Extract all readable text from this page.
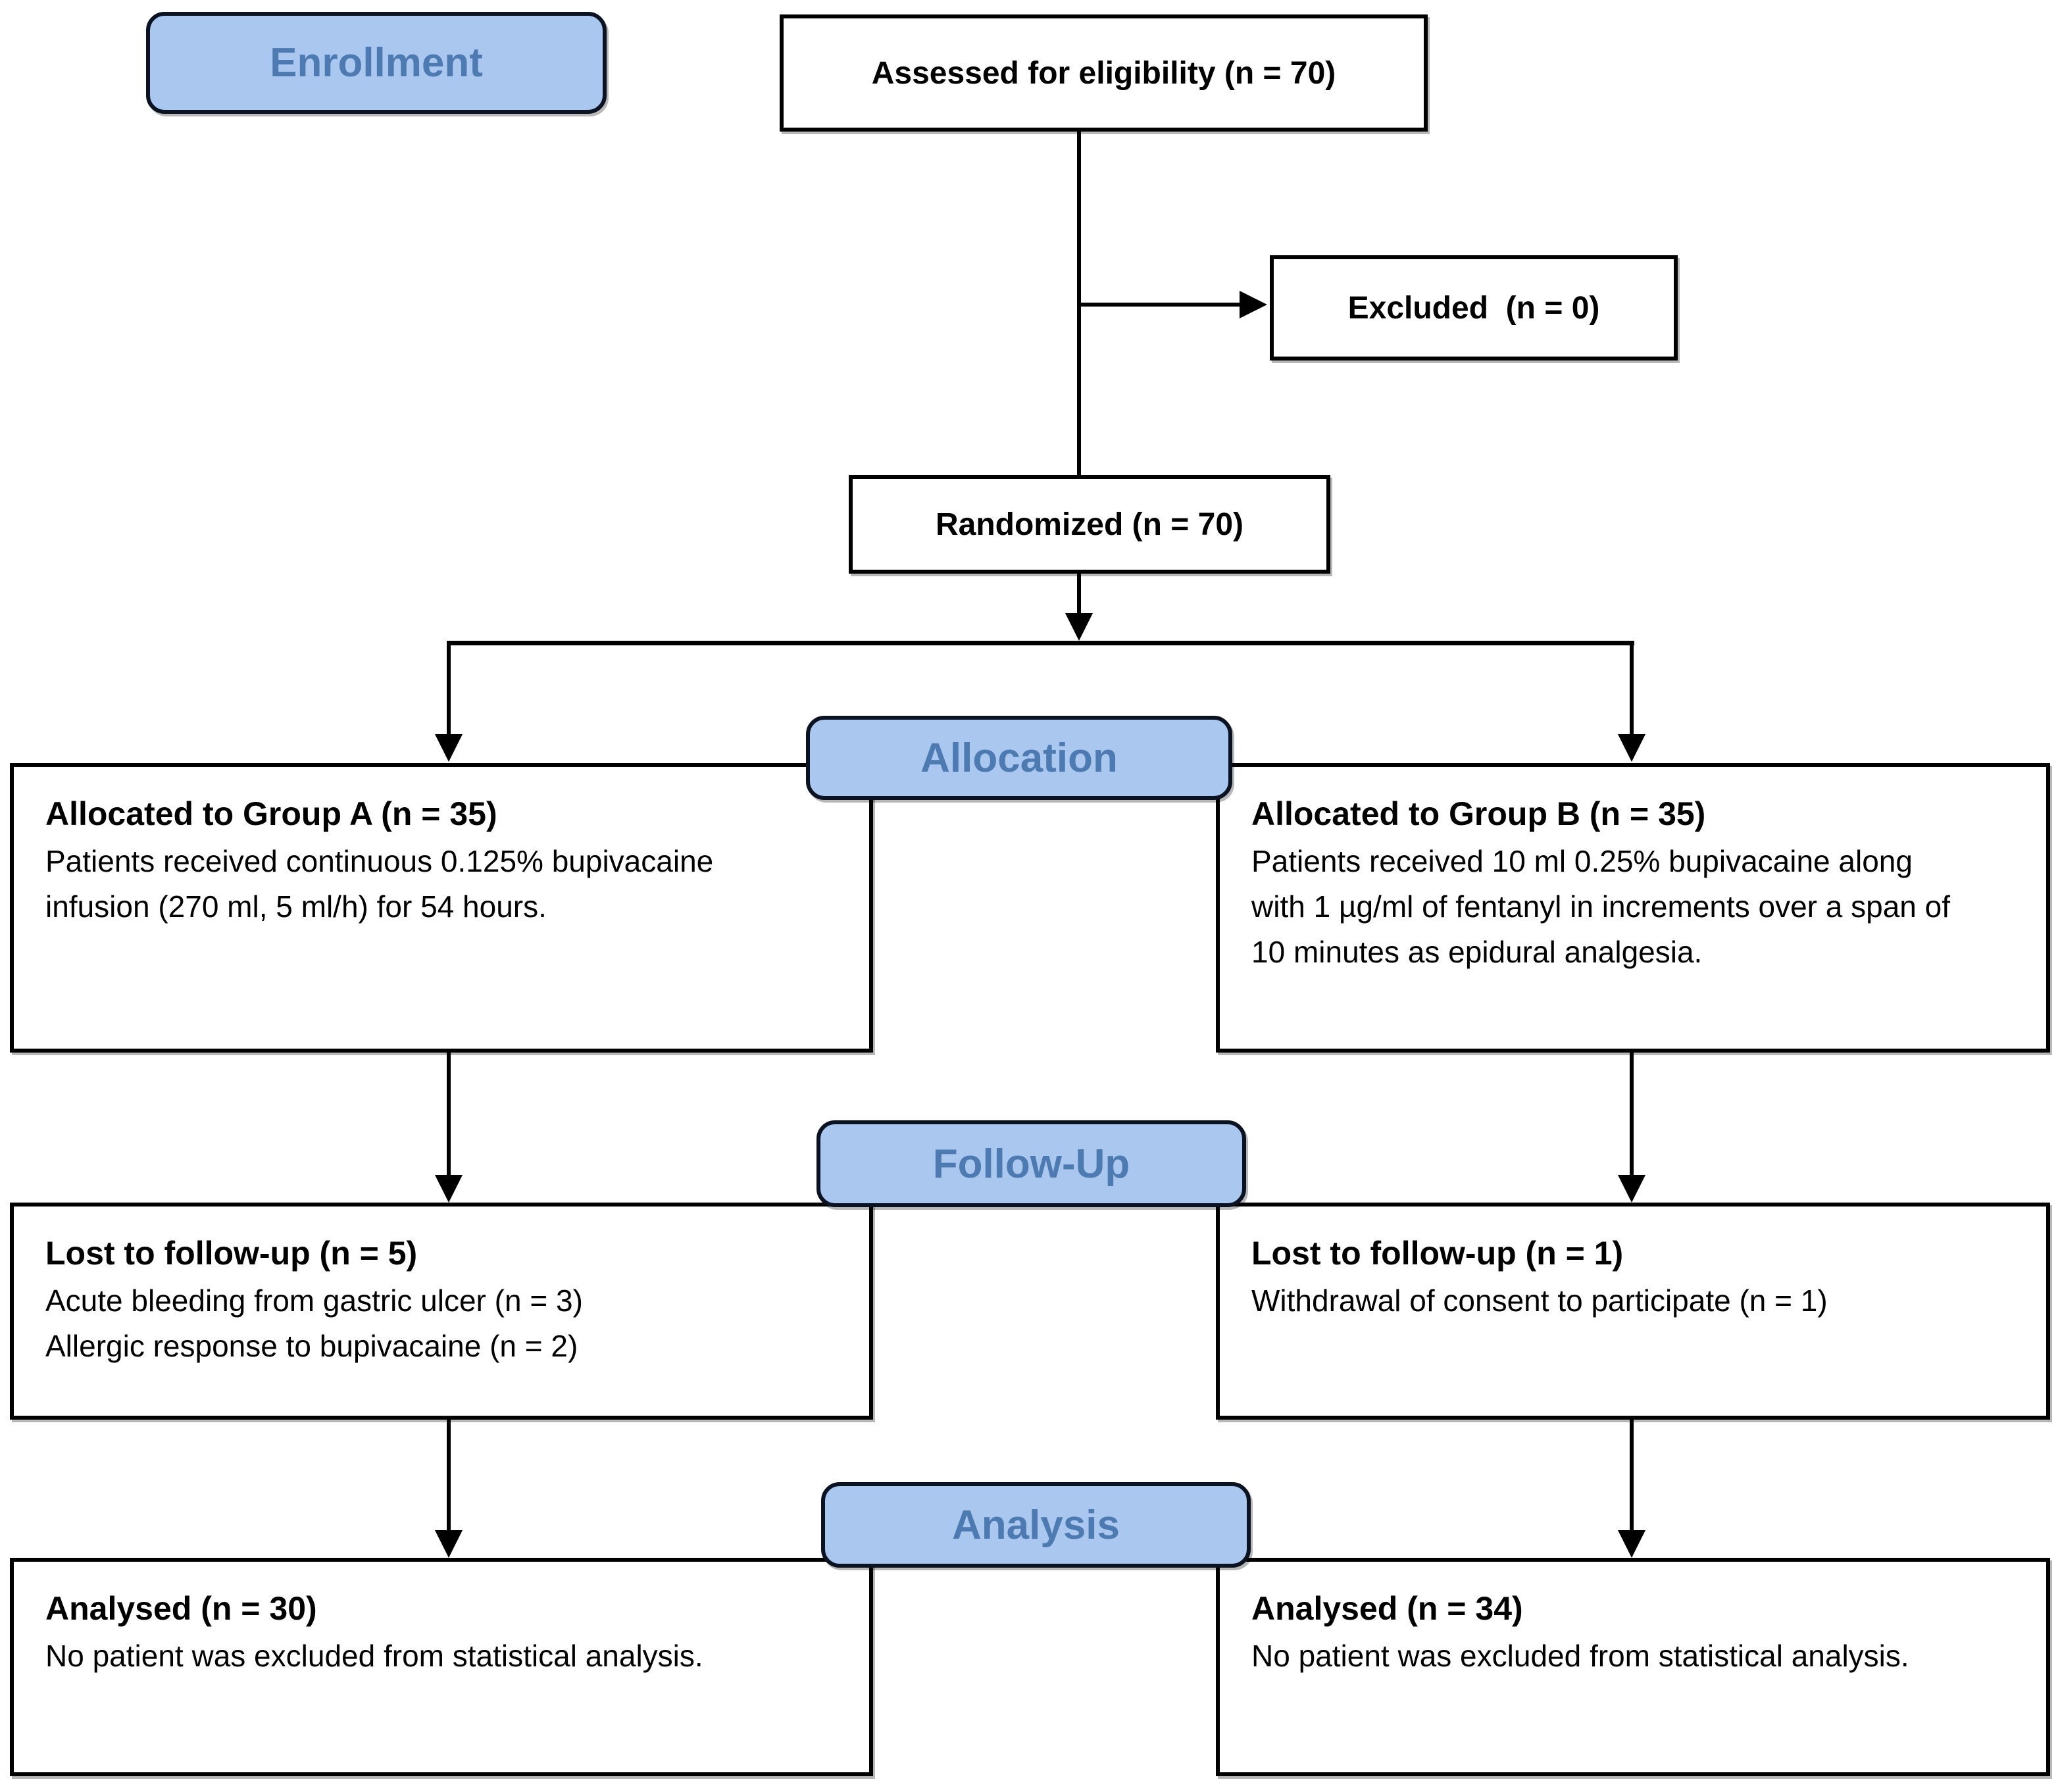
Enrollment
Allocation
Follow-Up
Analysis
Assessed for eligibility (n = 70)
Excluded  (n = 0)
Randomized (n = 70)
Allocated to Group A (n = 35)
Patients received continuous 0.125% bupivacaine
infusion (270 ml, 5 ml/h) for 54 hours.
Allocated to Group B (n = 35)
Patients received 10 ml 0.25% bupivacaine along
with 1 µg/ml of fentanyl in increments over a span of
10 minutes as epidural analgesia.
Lost to follow-up (n = 5)
Acute bleeding from gastric ulcer (n = 3)
Allergic response to bupivacaine (n = 2)
Lost to follow-up (n = 1)
Withdrawal of consent to participate (n = 1)
Analysed (n = 30)
No patient was excluded from statistical analysis.
Analysed (n = 34)
No patient was excluded from statistical analysis.
